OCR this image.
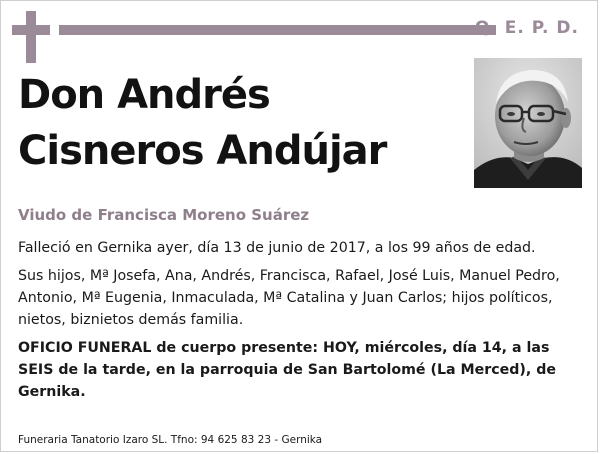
Q. E. P. D.
Don Andrés
Cisneros Andújar
Viudo de Francisca Moreno Suárez

Falleció en Gernika ayer, día 13 de junio de 2017, a los 99 años de edad.

Sus hijos, Mª Josefa, Ana, Andrés, Francisca, Rafael, José Luis, Manuel Pedro, Antonio, Mª Eugenia, Inmaculada, Mª Catalina y Juan Carlos; hijos políticos, nietos, biznietos demás familia.

OFICIO FUNERAL de cuerpo presente: HOY, miércoles, día 14, a las SEIS de la tarde, en la parroquia de San Bartolomé (La Merced), de Gernika.

Funeraria Tanatorio Izaro SL. Tfno: 94 625 83 23 - Gernika
